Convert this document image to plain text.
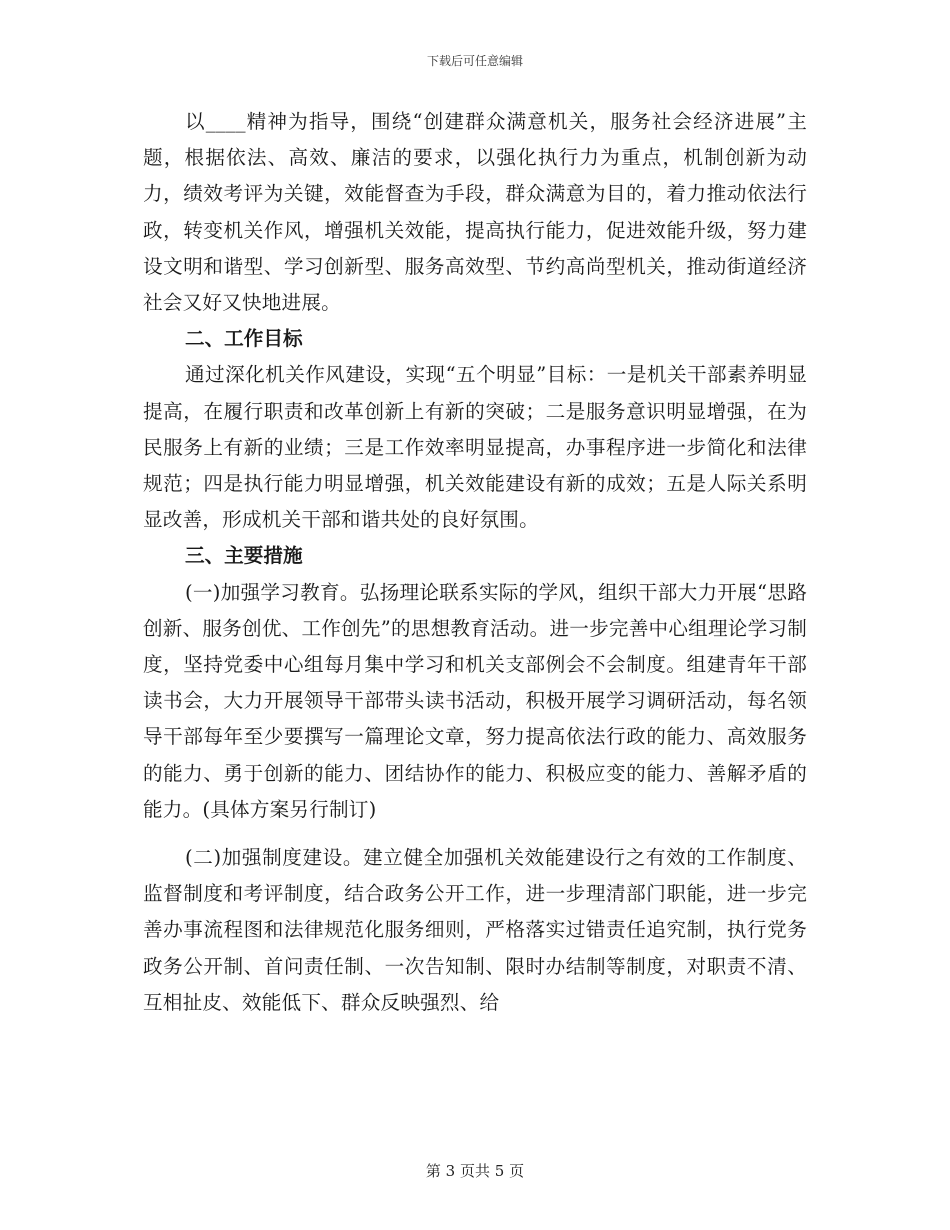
下载后可任意编辑

以____精神为指导，围绕“创建群众满意机关，服务社会经济进展”主题，根据依法、高效、廉洁的要求，以强化执行力为重点，机制创新为动力，绩效考评为关键，效能督查为手段，群众满意为目的，着力推动依法行政，转变机关作风，增强机关效能，提高执行能力，促进效能升级，努力建设文明和谐型、学习创新型、服务高效型、节约高尚型机关，推动街道经济社会又好又快地进展。

二、工作目标

通过深化机关作风建设，实现“五个明显”目标：一是机关干部素养明显提高，在履行职责和改革创新上有新的突破；二是服务意识明显增强，在为民服务上有新的业绩；三是工作效率明显提高，办事程序进一步简化和法律规范；四是执行能力明显增强，机关效能建设有新的成效；五是人际关系明显改善，形成机关干部和谐共处的良好氛围。

三、主要措施

(一)加强学习教育。弘扬理论联系实际的学风，组织干部大力开展“思路创新、服务创优、工作创先”的思想教育活动。进一步完善中心组理论学习制度，坚持党委中心组每月集中学习和机关支部例会不会制度。组建青年干部读书会，大力开展领导干部带头读书活动，积极开展学习调研活动，每名领导干部每年至少要撰写一篇理论文章，努力提高依法行政的能力、高效服务的能力、勇于创新的能力、团结协作的能力、积极应变的能力、善解矛盾的能力。(具体方案另行制订)

(二)加强制度建设。建立健全加强机关效能建设行之有效的工作制度、监督制度和考评制度，结合政务公开工作，进一步理清部门职能，进一步完善办事流程图和法律规范化服务细则，严格落实过错责任追究制，执行党务政务公开制、首问责任制、一次告知制、限时办结制等制度，对职责不清、互相扯皮、效能低下、群众反映强烈、给

第 3 页共 5 页
